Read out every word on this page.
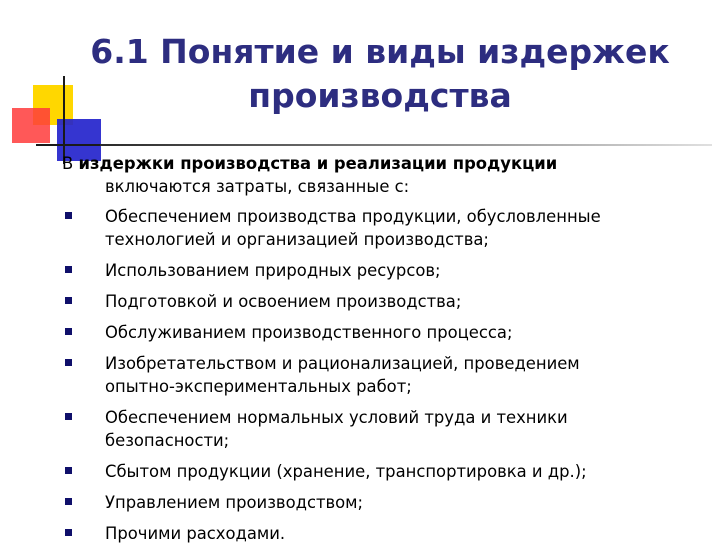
6.1 Понятие и виды издержек
производства

В издержки производства и реализации продукции
включаются затраты, связанные с:

Обеспечением производства продукции, обусловленные
технологией и организацией производства;
Использованием природных ресурсов;
Подготовкой и освоением производства;
Обслуживанием производственного процесса;
Изобретательством и рационализацией, проведением
опытно-экспериментальных работ;
Обеспечением нормальных условий труда и техники
безопасности;
Сбытом продукции (хранение, транспортировка и др.);
Управлением производством;
Прочими расходами.
